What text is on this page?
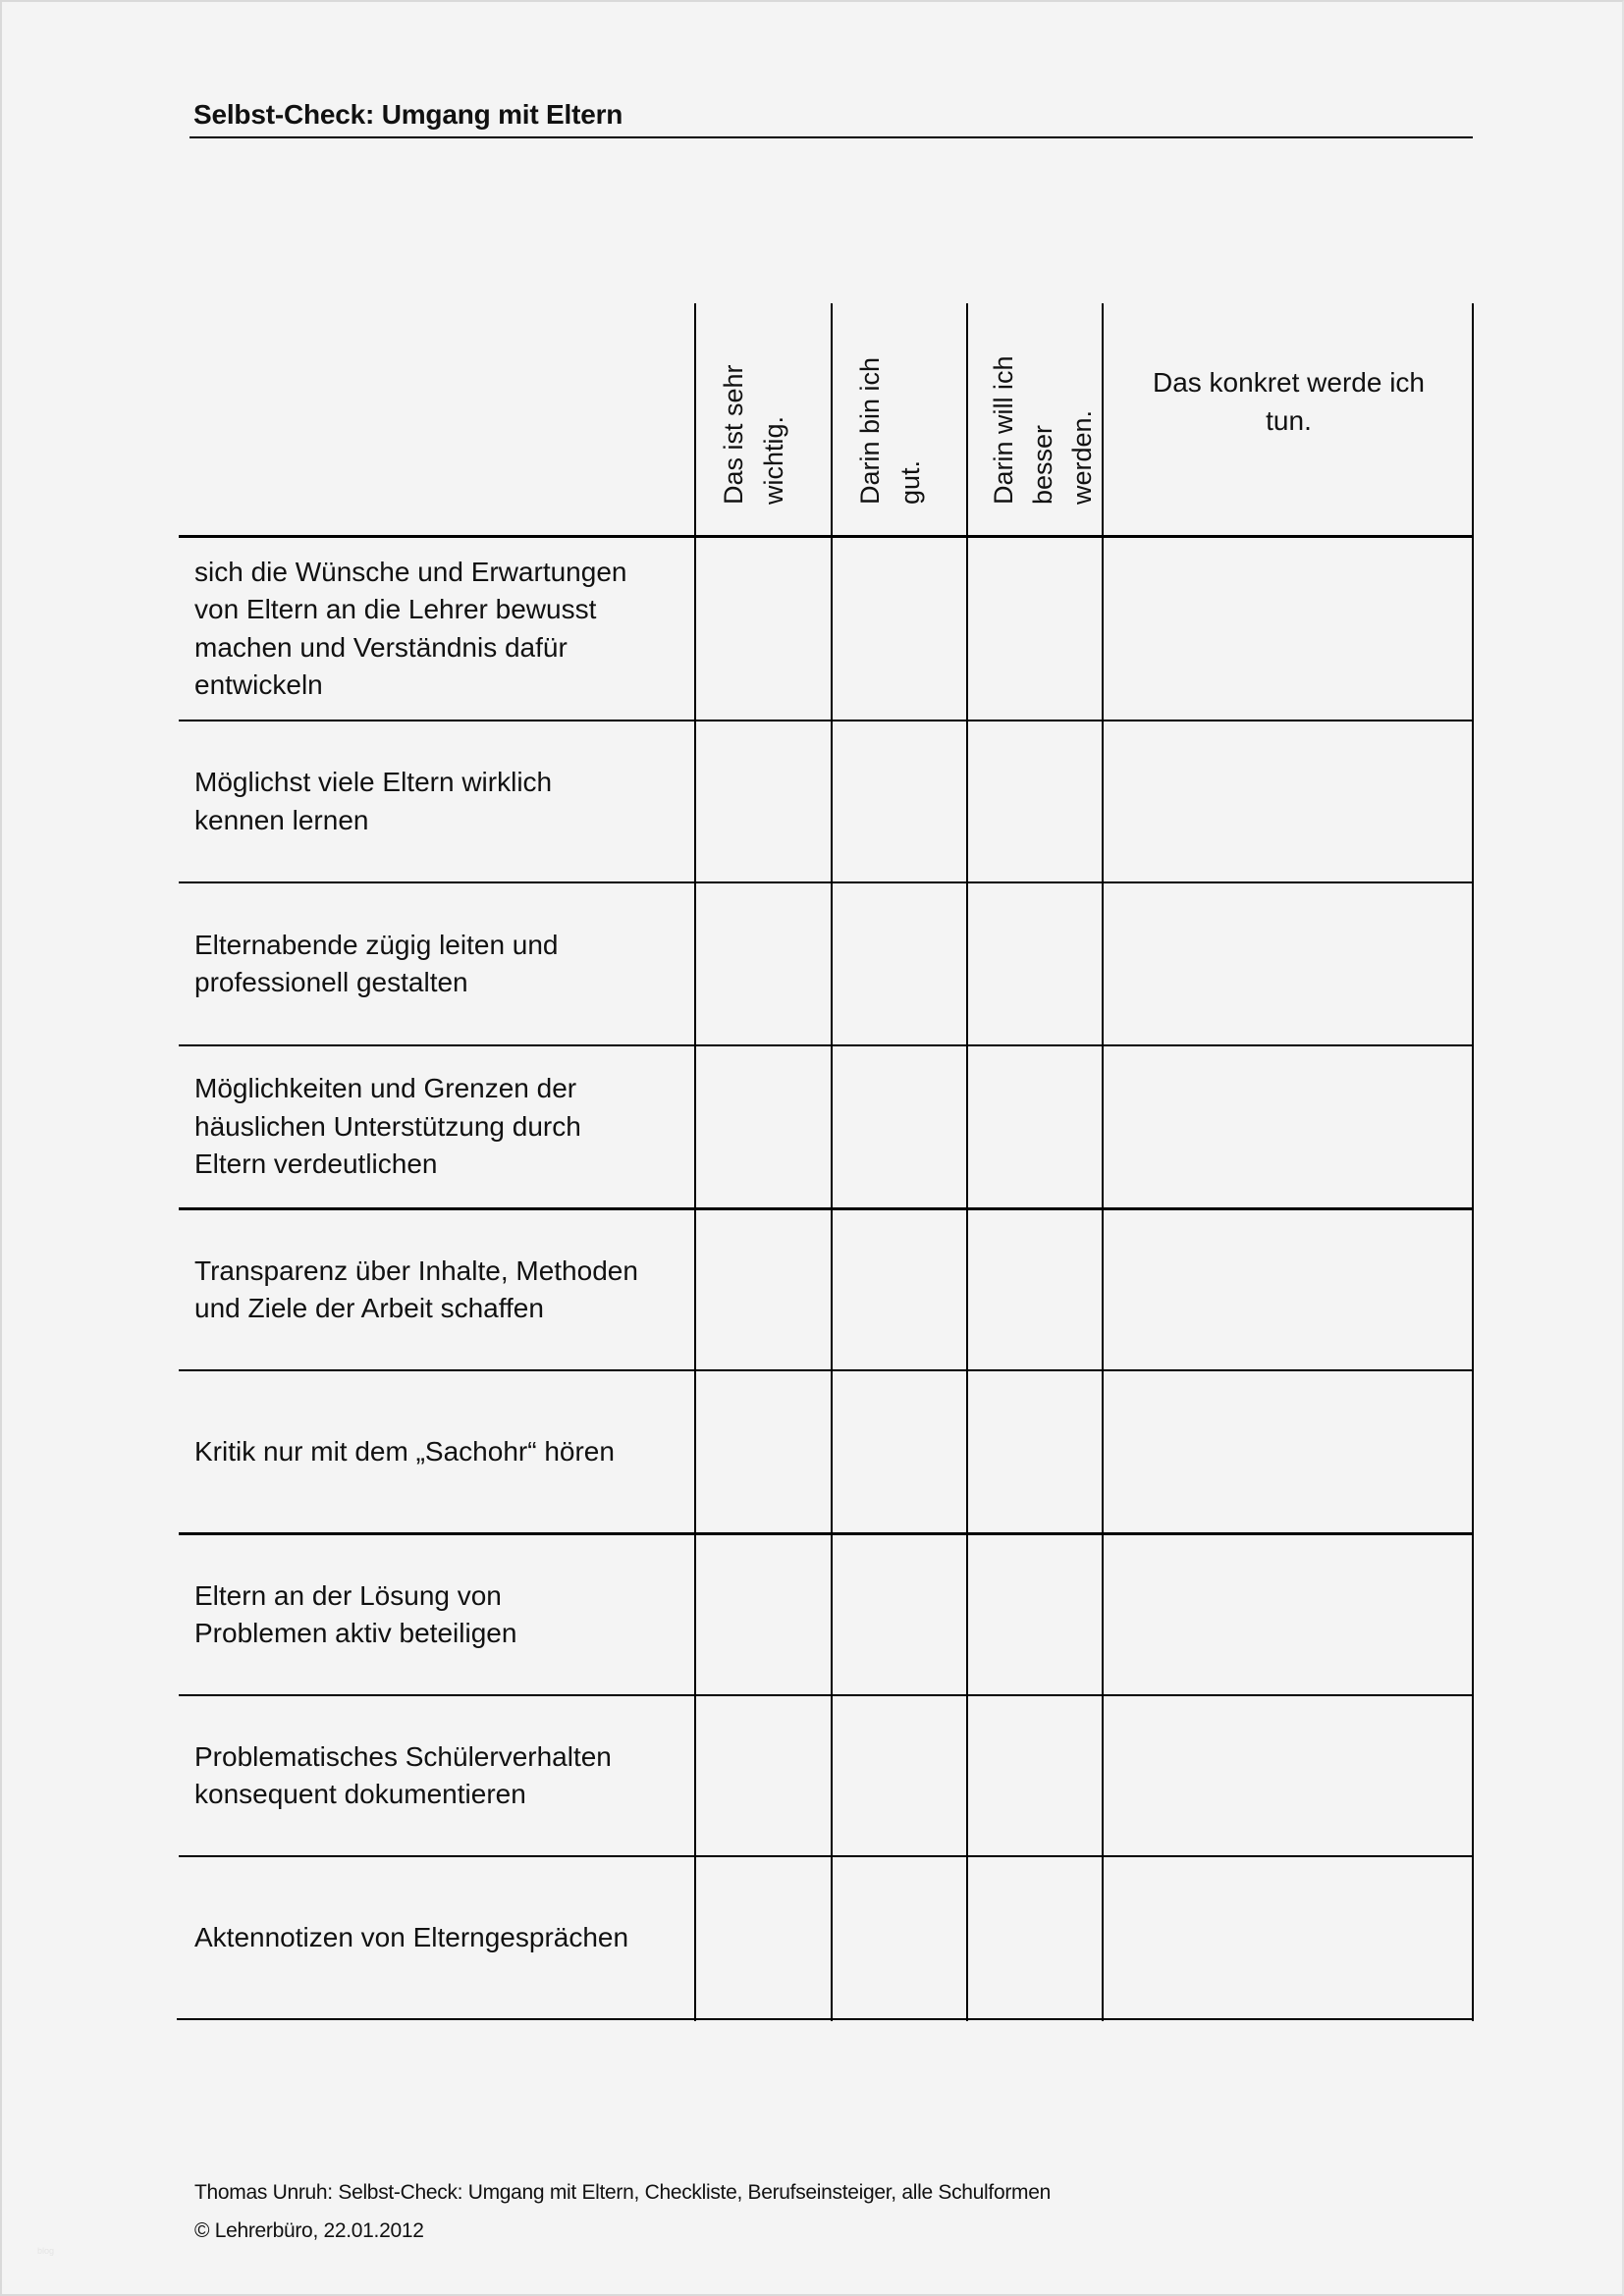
Selbst-Check: Umgang mit Eltern
Das ist sehr wichtig.	Darin bin ich gut. Darin will ich besser werden.
Das konkret werde ich
tun.
sich die Wünsche und Erwartungen
von Eltern an die Lehrer bewusst
machen und Verständnis dafür
entwickeln
Möglichst viele Eltern wirklich
kennen lernen
Elternabende zügig leiten und
professionell gestalten
Möglichkeiten und Grenzen der
häuslichen Unterstützung durch
Eltern verdeutlichen
Transparenz über Inhalte, Methoden
und Ziele der Arbeit schaffen
Kritik nur mit dem „Sachohr“ hören
Eltern an der Lösung von
Problemen aktiv beteiligen
Problematisches Schülerverhalten
konsequent dokumentieren
Aktennotizen von Elterngesprächen
Thomas Unruh: Selbst-Check: Umgang mit Eltern, Checkliste, Berufseinsteiger, alle Schulformen
© Lehrerbüro, 22.01.2012
blog
